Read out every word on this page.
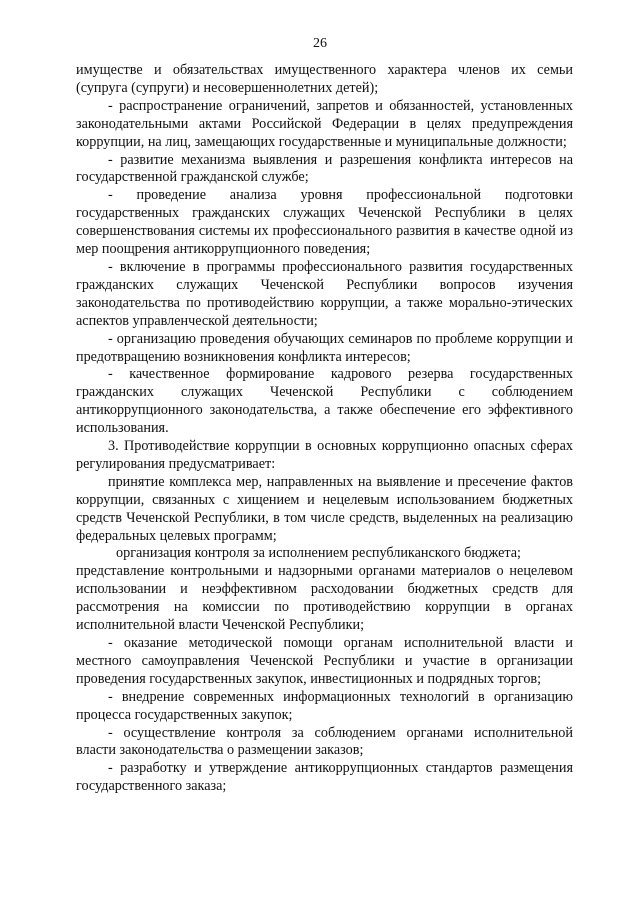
26

имуществе и обязательствах имущественного характера членов их семьи (супруга (супруги) и несовершеннолетних детей);

- распространение ограничений, запретов и обязанностей, установленных законодательными актами Российской Федерации в целях предупреждения коррупции, на лиц, замещающих государственные и муниципальные должности;

- развитие механизма выявления и разрешения конфликта интересов на государственной гражданской службе;

- проведение анализа уровня профессиональной подготовки государственных гражданских служащих Чеченской Республики в целях совершенствования системы их профессионального развития в качестве одной из мер поощрения антикоррупционного поведения;

- включение в программы профессионального развития государственных гражданских служащих Чеченской Республики вопросов изучения законодательства по противодействию коррупции, а также морально-этических аспектов управленческой деятельности;

- организацию проведения обучающих семинаров по проблеме коррупции и предотвращению возникновения конфликта интересов;

- качественное формирование кадрового резерва государственных гражданских служащих Чеченской Республики с соблюдением антикоррупционного законодательства, а также обеспечение его эффективного использования.

3. Противодействие коррупции в основных коррупционно опасных сферах регулирования предусматривает:

принятие комплекса мер, направленных на выявление и пресечение фактов коррупции, связанных с хищением и нецелевым использованием бюджетных средств Чеченской Республики, в том числе средств, выделенных на реализацию федеральных целевых программ;

организация контроля за исполнением республиканского бюджета;

представление контрольными и надзорными органами материалов о нецелевом использовании и неэффективном расходовании бюджетных средств для рассмотрения на комиссии по противодействию коррупции в органах исполнительной власти Чеченской Республики;

- оказание методической помощи органам исполнительной власти и местного самоуправления Чеченской Республики и участие в организации проведения государственных закупок, инвестиционных и подрядных торгов;

- внедрение современных информационных технологий в организацию процесса государственных закупок;

- осуществление контроля за соблюдением органами исполнительной власти законодательства о размещении заказов;

- разработку и утверждение антикоррупционных стандартов размещения государственного заказа;
